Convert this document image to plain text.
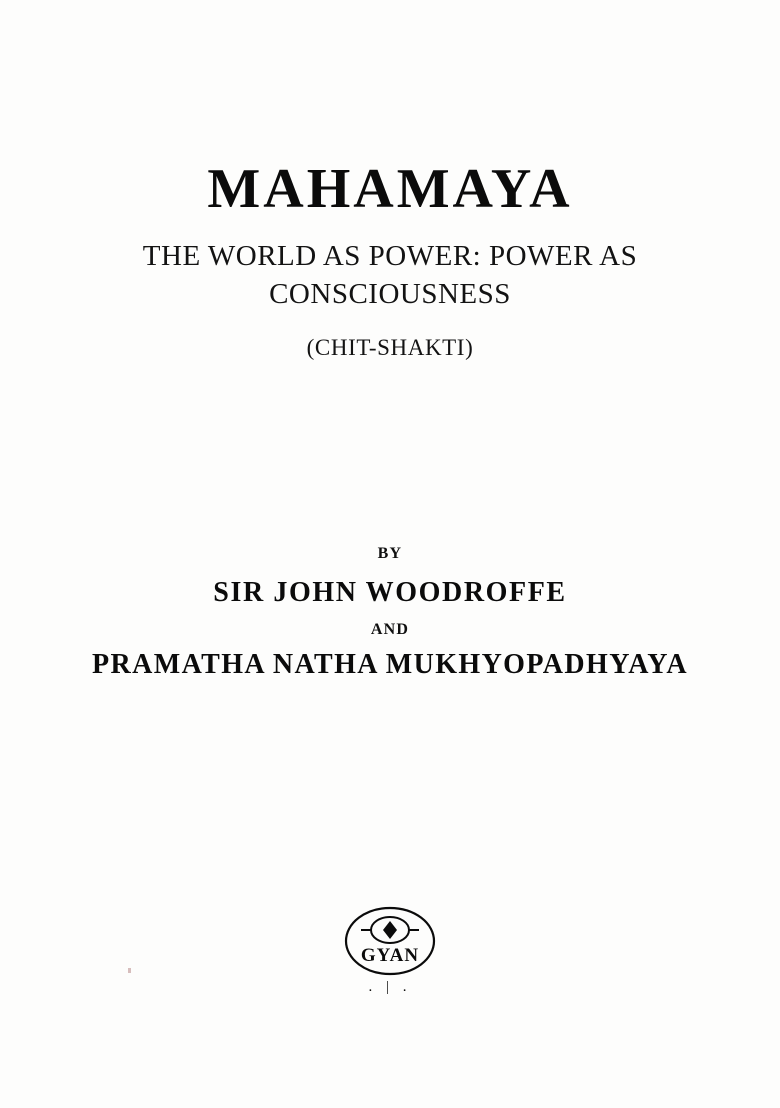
MAHAMAYA
THE WORLD AS POWER: POWER AS
CONSCIOUSNESS
(CHIT-SHAKTI)
BY
SIR JOHN WOODROFFE
AND
PRAMATHA NATHA MUKHYOPADHYAYA
GYAN
. | .
